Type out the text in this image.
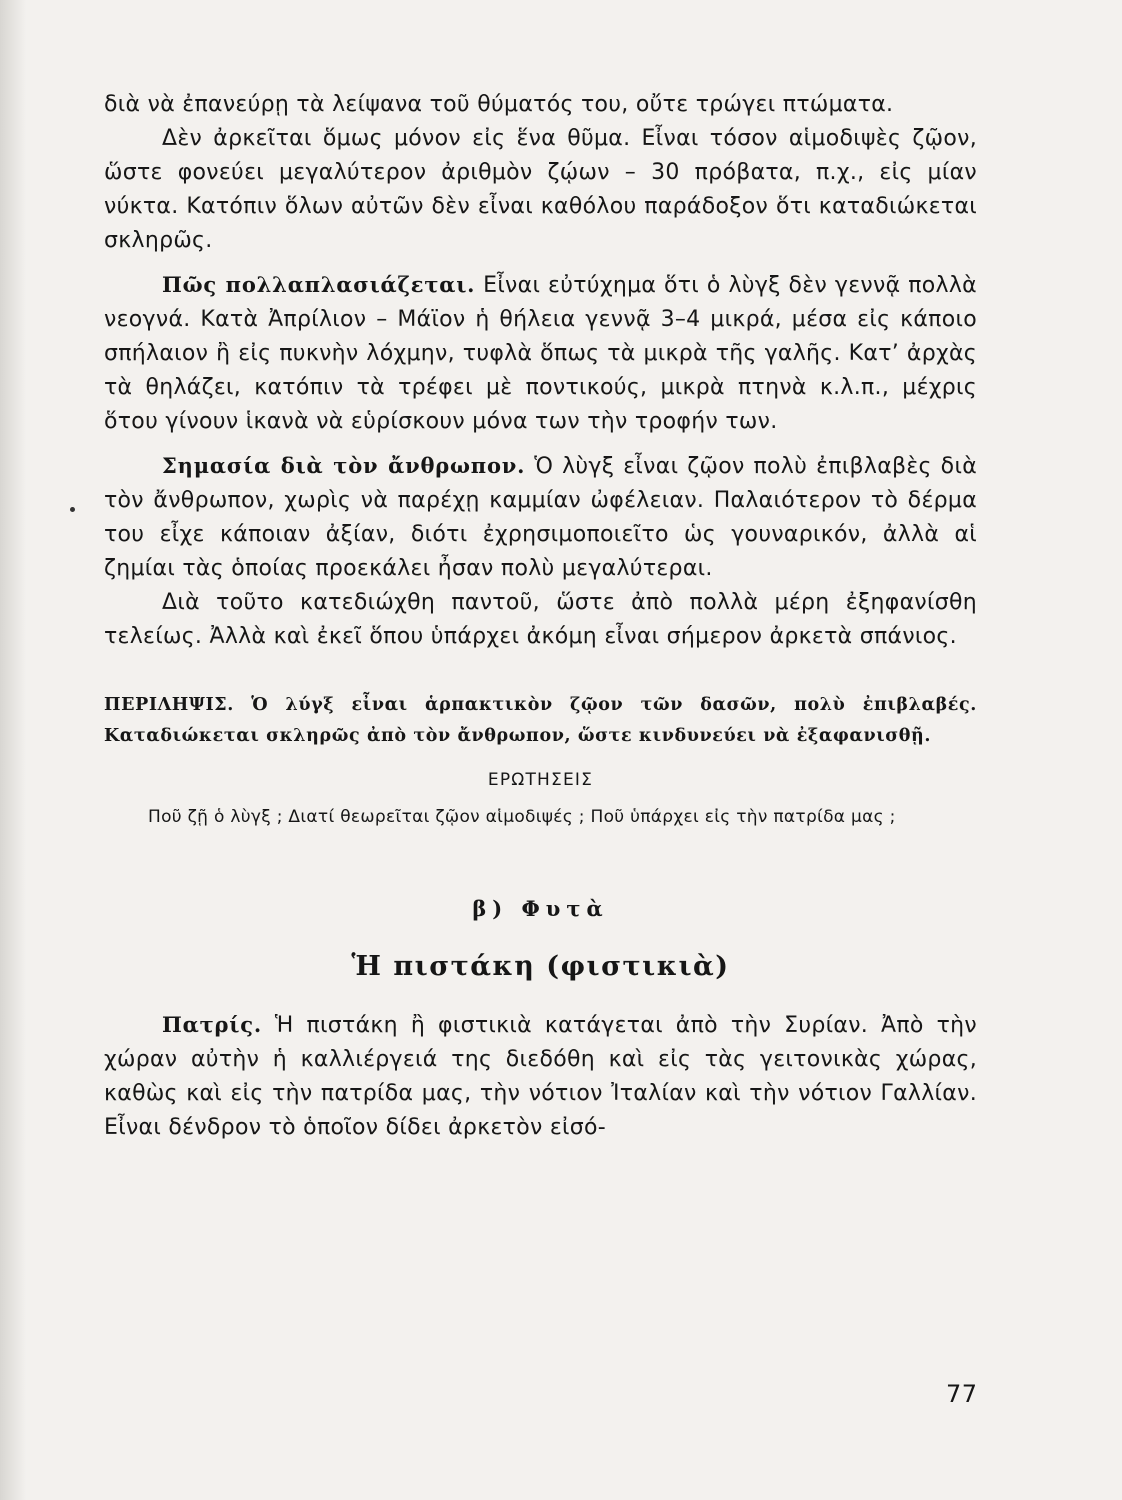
διὰ νὰ ἐπανεύρῃ τὰ λείψανα τοῦ θύματός του, οὔτε τρώγει πτώματα.

Δὲν ἀρκεῖται ὅμως μόνον εἰς ἕνα θῦμα. Εἶναι τόσον αἱμοδιψὲς ζῷον, ὥστε φονεύει μεγαλύτερον ἀριθμὸν ζῴων – 30 πρόβατα, π.χ., εἰς μίαν νύκτα. Κατόπιν ὅλων αὐτῶν δὲν εἶναι καθόλου παράδοξον ὅτι καταδιώκεται σκληρῶς.

Πῶς πολλαπλασιάζεται. Εἶναι εὐτύχημα ὅτι ὁ λὺγξ δὲν γεννᾷ πολλὰ νεογνά. Κατὰ Ἀπρίλιον – Μάϊον ἡ θήλεια γεννᾷ 3–4 μικρά, μέσα εἰς κάποιο σπήλαιον ἢ εἰς πυκνὴν λόχμην, τυφλὰ ὅπως τὰ μικρὰ τῆς γαλῆς. Κατ’ ἀρχὰς τὰ θηλάζει, κατόπιν τὰ τρέφει μὲ ποντικούς, μικρὰ πτηνὰ κ.λ.π., μέχρις ὅτου γίνουν ἱκανὰ νὰ εὑρίσκουν μόνα των τὴν τροφήν των.

Σημασία διὰ τὸν ἄνθρωπον. Ὁ λὺγξ εἶναι ζῷον πολὺ ἐπιβλαβὲς διὰ τὸν ἄνθρωπον, χωρὶς νὰ παρέχῃ καμμίαν ὠφέλειαν. Παλαιότερον τὸ δέρμα του εἶχε κάποιαν ἀξίαν, διότι ἐχρησιμοποιεῖτο ὡς γουναρικόν, ἀλλὰ αἱ ζημίαι τὰς ὁποίας προεκάλει ἦσαν πολὺ μεγαλύτεραι.

Διὰ τοῦτο κατεδιώχθη παντοῦ, ὥστε ἀπὸ πολλὰ μέρη ἐξηφανίσθη τελείως. Ἀλλὰ καὶ ἐκεῖ ὅπου ὑπάρχει ἀκόμη εἶναι σήμερον ἀρκετὰ σπάνιος.

ΠΕΡΙΛΗΨΙΣ. Ὁ λύγξ εἶναι ἁρπακτικὸν ζῷον τῶν δασῶν, πολὺ ἐπιβλαβές. Καταδιώκεται σκληρῶς ἀπὸ τὸν ἄνθρωπον, ὥστε κινδυνεύει νὰ ἐξαφανισθῇ.

ΕΡΩΤΗΣΕΙΣ

Ποῦ ζῇ ὁ λὺγξ ; Διατί θεωρεῖται ζῷον αἱμοδιψές ; Ποῦ ὑπάρχει εἰς τὴν πατρίδα μας ;

β) Φυτὰ
Ἡ πιστάκη (φιστικιὰ)

Πατρίς. Ἡ πιστάκη ἢ φιστικιὰ κατάγεται ἀπὸ τὴν Συρίαν. Ἀπὸ τὴν χώραν αὐτὴν ἡ καλλιέργειά της διεδόθη καὶ εἰς τὰς γειτονικὰς χώρας, καθὼς καὶ εἰς τὴν πατρίδα μας, τὴν νότιον Ἰταλίαν καὶ τὴν νότιον Γαλλίαν. Εἶναι δένδρον τὸ ὁποῖον δίδει ἀρκετὸν εἰσό-

77
